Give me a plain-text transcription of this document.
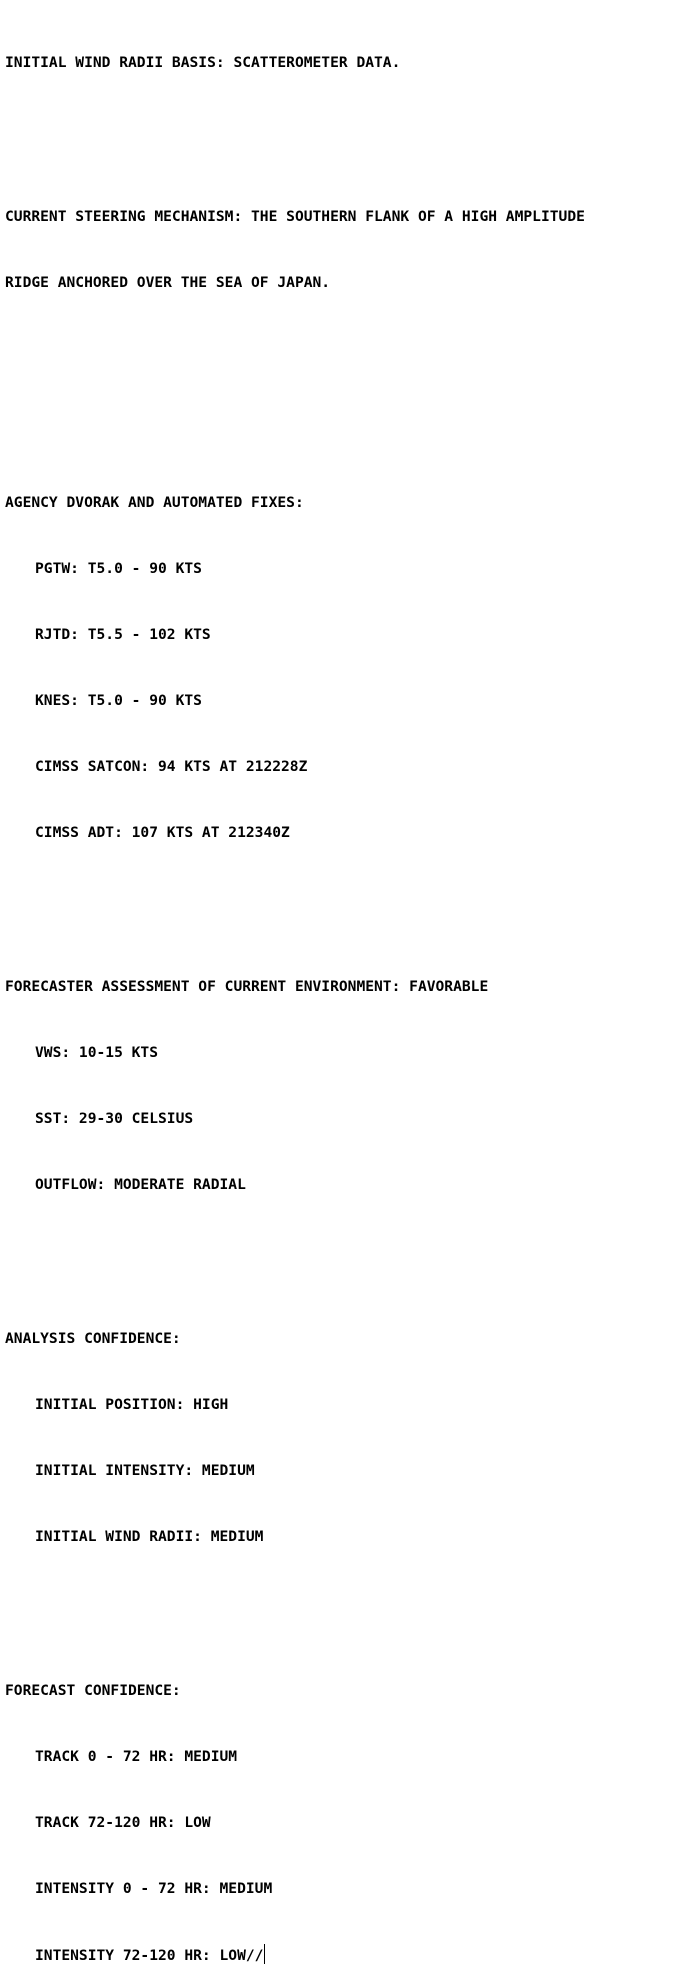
INITIAL WIND RADII BASIS: SCATTEROMETER DATA.

CURRENT STEERING MECHANISM: THE SOUTHERN FLANK OF A HIGH AMPLITUDE

RIDGE ANCHORED OVER THE SEA OF JAPAN.

AGENCY DVORAK AND AUTOMATED FIXES:

PGTW: T5.0 - 90 KTS

RJTD: T5.5 - 102 KTS

KNES: T5.0 - 90 KTS

CIMSS SATCON: 94 KTS AT 212228Z

CIMSS ADT: 107 KTS AT 212340Z

FORECASTER ASSESSMENT OF CURRENT ENVIRONMENT: FAVORABLE

VWS: 10-15 KTS

SST: 29-30 CELSIUS

OUTFLOW: MODERATE RADIAL

ANALYSIS CONFIDENCE:

INITIAL POSITION: HIGH

INITIAL INTENSITY: MEDIUM

INITIAL WIND RADII: MEDIUM

FORECAST CONFIDENCE:

TRACK 0 - 72 HR: MEDIUM

TRACK 72-120 HR: LOW

INTENSITY 0 - 72 HR: MEDIUM

INTENSITY 72-120 HR: LOW//
